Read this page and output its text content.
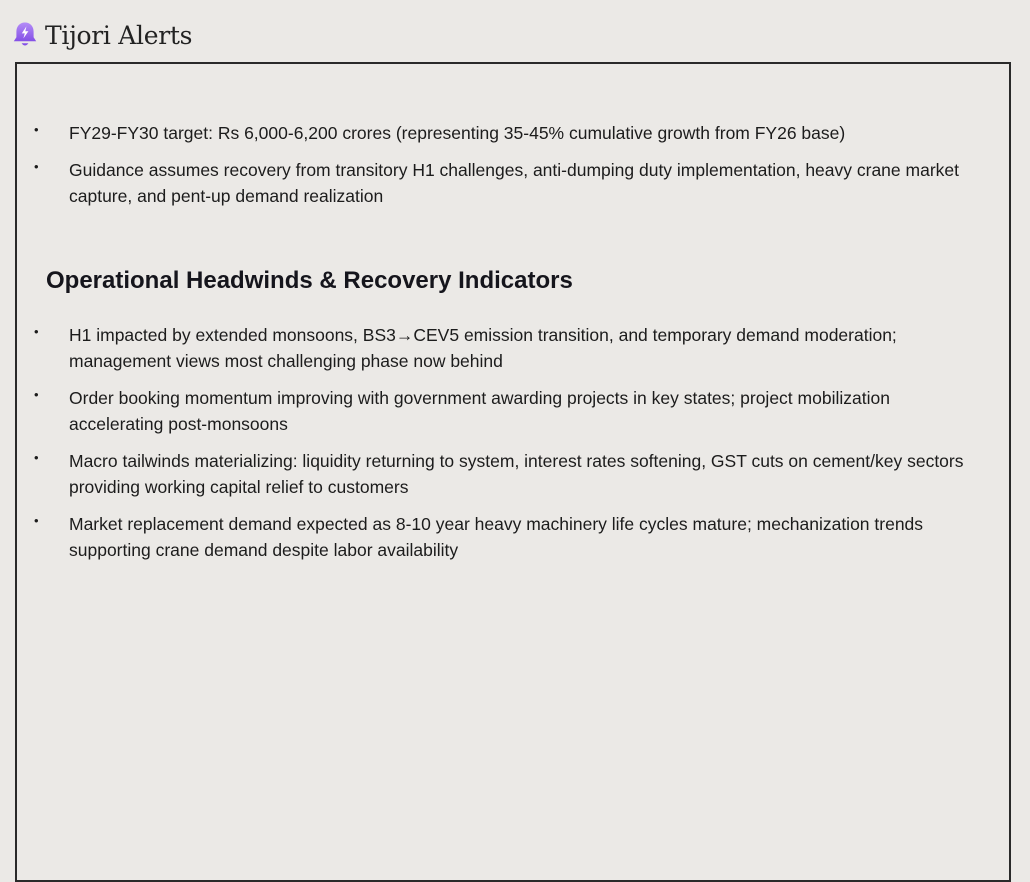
Tijori Alerts
• FY29-FY30 target: Rs 6,000-6,200 crores (representing 35-45% cumulative growth from FY26 base)
• Guidance assumes recovery from transitory H1 challenges, anti-dumping duty implementation, heavy crane market capture, and pent-up demand realization
Operational Headwinds & Recovery Indicators
• H1 impacted by extended monsoons, BS3→CEV5 emission transition, and temporary demand moderation; management views most challenging phase now behind
• Order booking momentum improving with government awarding projects in key states; project mobilization accelerating post-monsoons
• Macro tailwinds materializing: liquidity returning to system, interest rates softening, GST cuts on cement/key sectors providing working capital relief to customers
• Market replacement demand expected as 8-10 year heavy machinery life cycles mature; mechanization trends supporting crane demand despite labor availability
